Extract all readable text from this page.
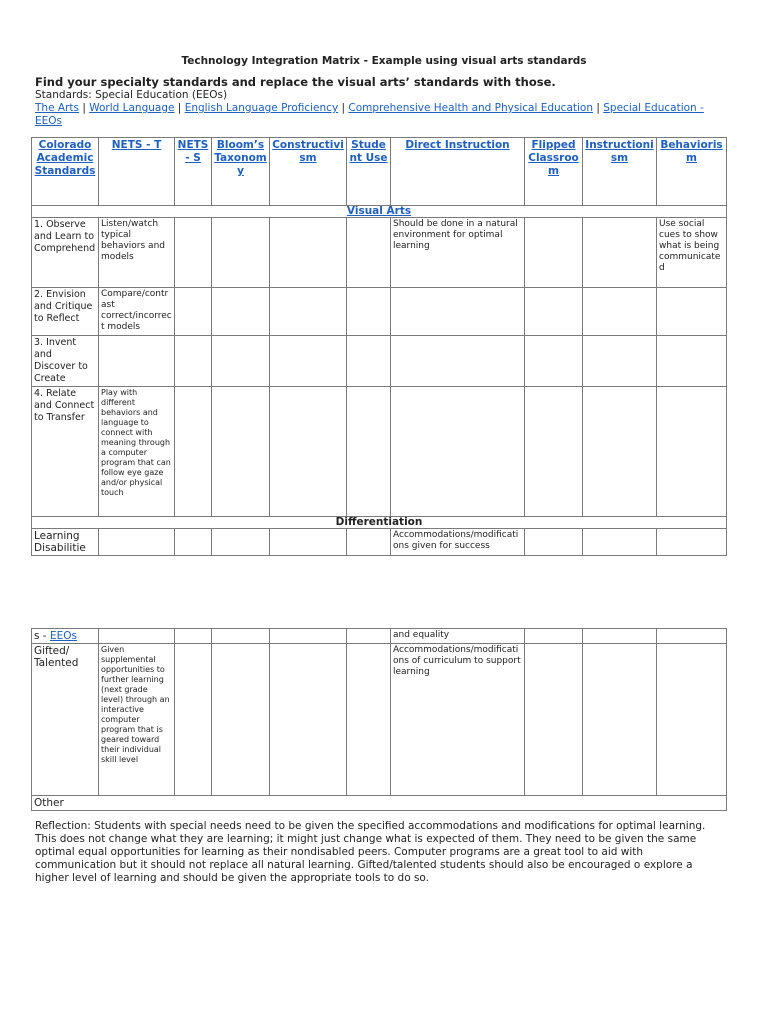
Technology Integration Matrix - Example using visual arts standards
Find your specialty standards and replace the visual arts’ standards with those.
Standards: Special Education (EEOs)
The Arts | World Language | English Language Proficiency | Comprehensive Health and Physical Education | Special Education - EEOs
Colorado Academic Standards	NETS - T	NETS - S	Bloom’s Taxonomy	Constructivism	Student Use	Direct Instruction	Flipped Classroom	Instructionism	Behaviorism
Visual Arts									
1. Observe and Learn to Comprehend	Listen/watch typical behaviors and models					Should be done in a natural environment for optimal learning			Use social cues to show what is being communicated
2. Envision and Critique to Reflect	Compare/contrast correct/incorrect models								
3. Invent and Discover to Create									
4. Relate and Connect to Transfer	Play with different behaviors and language to connect with meaning through a computer program that can follow eye gaze and/or physical touch								
Differentiation									
Learning Disabilitie						Accommodations/modifications given for success			
s - EEOs						and equality			
Gifted/ Talented	Given supplemental opportunities to further learning (next grade level) through an interactive computer program that is geared toward their individual skill level					Accommodations/modifications of curriculum to support learning			
Other									
Reflection: Students with special needs need to be given the specified accommodations and modifications for optimal learning. This does not change what they are learning; it might just change what is expected of them. They need to be given the same optimal equal opportunities for learning as their nondisabled peers. Computer programs are a great tool to aid with communication but it should not replace all natural learning. Gifted/talented students should also be encouraged o explore a higher level of learning and should be given the appropriate tools to do so.
